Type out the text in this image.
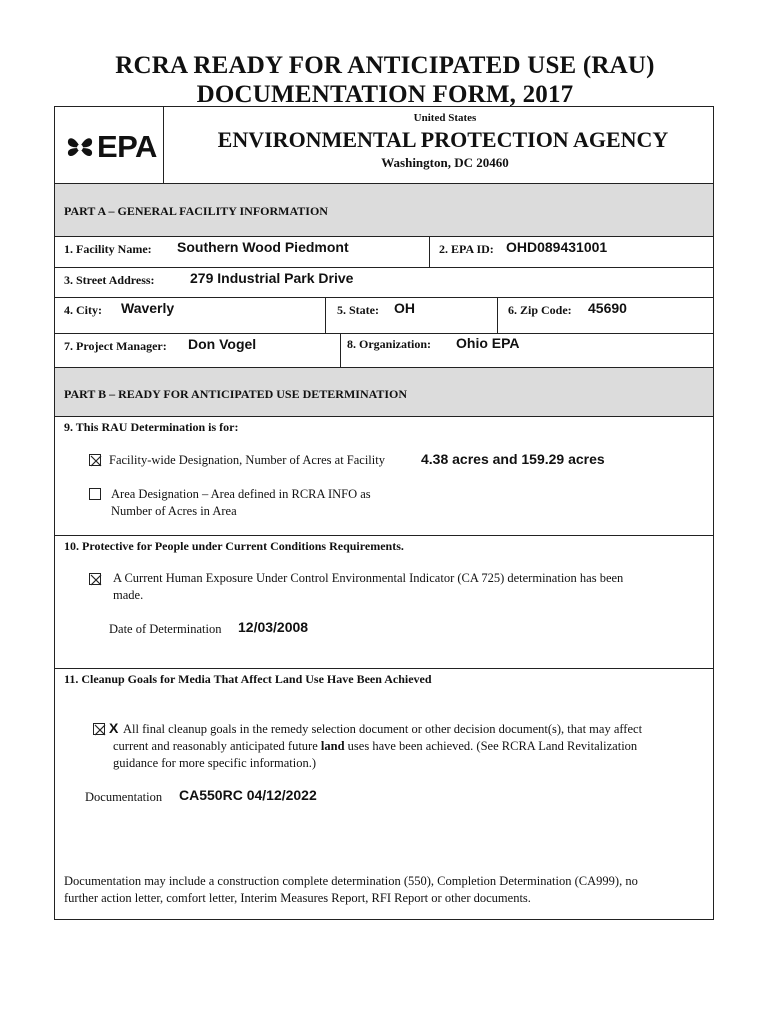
RCRA READY FOR ANTICIPATED USE (RAU)
DOCUMENTATION FORM, 2017
EPA
United States
ENVIRONMENTAL PROTECTION AGENCY
Washington, DC 20460
PART A – GENERAL FACILITY INFORMATION
1. Facility Name: Southern Wood Piedmont	2. EPA ID: OHD089431001
3. Street Address:	279 Industrial Park Drive
4. City: Waverly	5. State: OH	6. Zip Code: 45690
7. Project Manager: Don Vogel	8. Organization: Ohio EPA
PART B – READY FOR ANTICIPATED USE DETERMINATION
9. This RAU Determination is for:
Facility-wide Designation, Number of Acres at Facility	4.38 acres and 159.29 acres
Area Designation – Area defined in RCRA INFO as
Number of Acres in Area
10. Protective for People under Current Conditions Requirements.
A Current Human Exposure Under Control Environmental Indicator (CA 725) determination has been
made.
Date of Determination 12/03/2008
11. Cleanup Goals for Media That Affect Land Use Have Been Achieved
X All final cleanup goals in the remedy selection document or other decision document(s), that may affect
current and reasonably anticipated future land uses have been achieved. (See RCRA Land Revitalization
guidance for more specific information.)
Documentation CA550RC 04/12/2022
Documentation may include a construction complete determination (550), Completion Determination (CA999), no
further action letter, comfort letter, Interim Measures Report, RFI Report or other documents.
